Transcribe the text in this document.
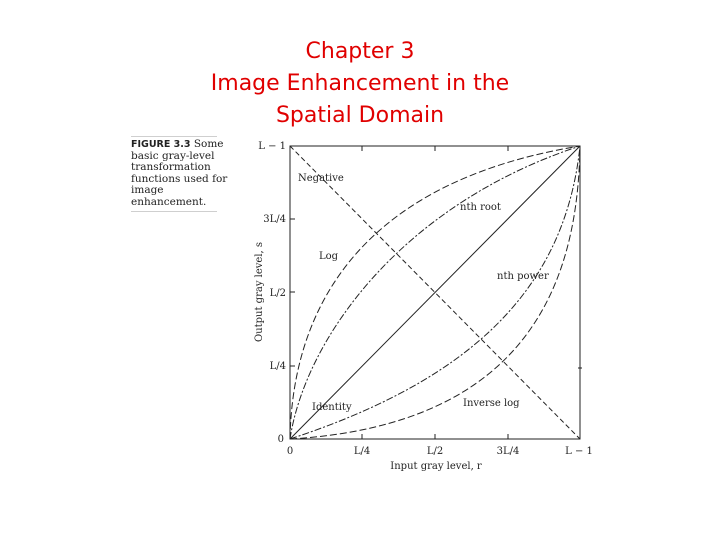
Chapter 3
Image Enhancement in the
Spatial Domain
FIGURE 3.3 Some basic gray-level transformation functions used for image enhancement.
0	L/4	L/2	3L/4	L − 1
0
L/4
L/2
3L/4
L − 1
Input gray level, r
Output gray level, s
Negative
nth root
Log
nth power
Identity	Inverse log
